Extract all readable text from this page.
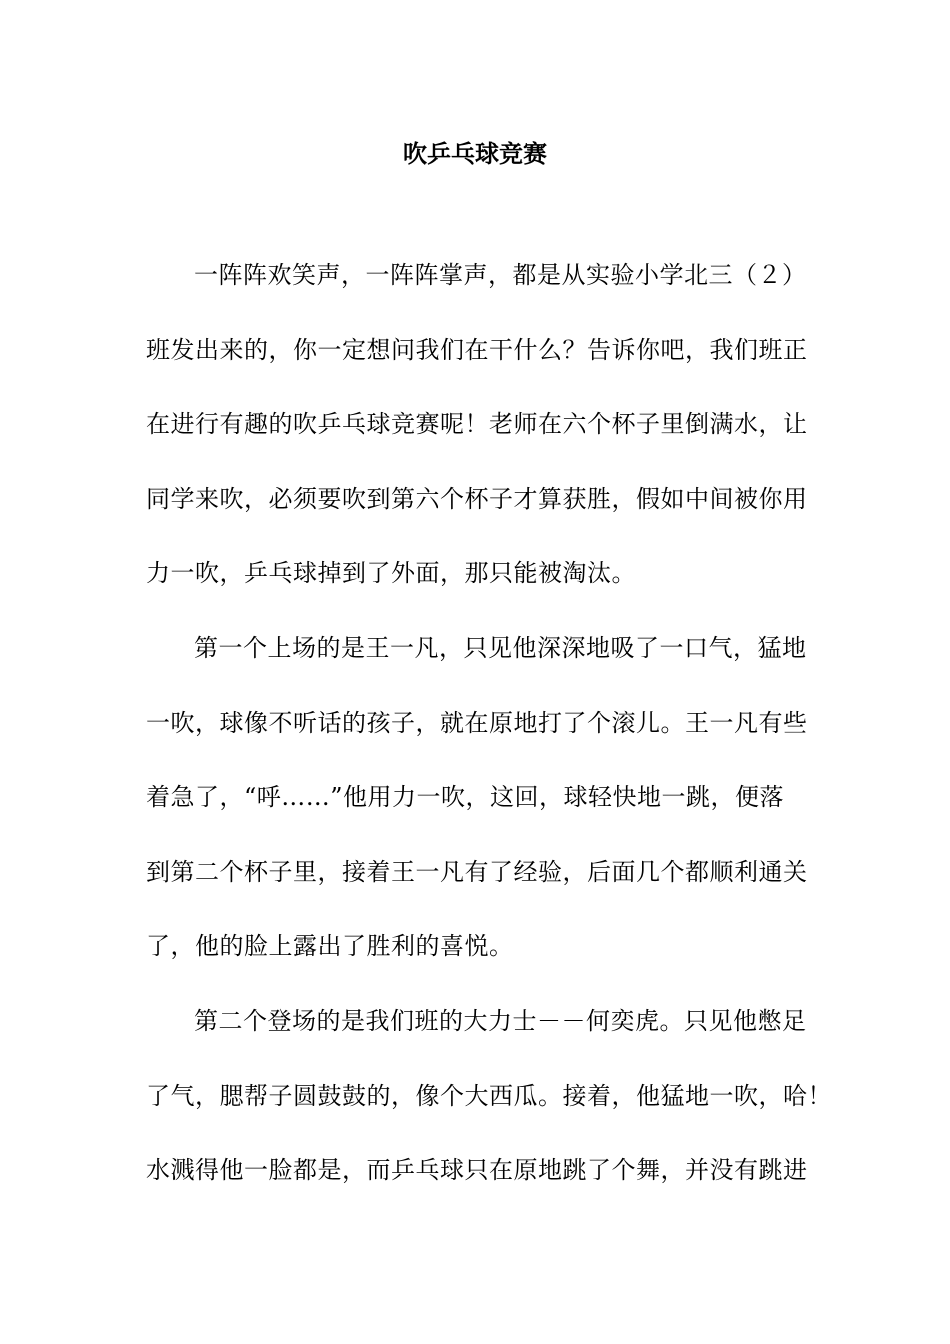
吹乒乓球竞赛
一阵阵欢笑声，一阵阵掌声，都是从实验小学北三（２）
班发出来的，你一定想问我们在干什么？告诉你吧，我们班正
在进行有趣的吹乒乓球竞赛呢！老师在六个杯子里倒满水，让
同学来吹，必须要吹到第六个杯子才算获胜，假如中间被你用
力一吹，乒乓球掉到了外面，那只能被淘汰。
第一个上场的是王一凡，只见他深深地吸了一口气，猛地
一吹，球像不听话的孩子，就在原地打了个滚儿。王一凡有些
着急了，“呼……”他用力一吹，这回，球轻快地一跳，便落
到第二个杯子里，接着王一凡有了经验，后面几个都顺利通关
了，他的脸上露出了胜利的喜悦。
第二个登场的是我们班的大力士－－何奕虎。只见他憋足
了气，腮帮子圆鼓鼓的，像个大西瓜。接着，他猛地一吹，哈！
水溅得他一脸都是，而乒乓球只在原地跳了个舞，并没有跳进
